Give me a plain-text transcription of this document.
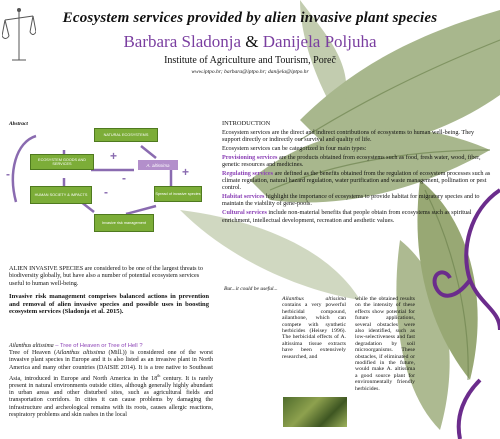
Ecosystem services provided by alien invasive plant species
Barbara Sladonja & Danijela Poljuha
Institute of Agriculture and Tourism, Poreč
www.iptpo.hr; barbara@iptpo.hr; danijela@iptpo.hr
NATURAL ECOSYSTEMS
ECOSYSTEM GOODS AND SERVICES	A. altissima
HUMAN SOCIETY & IMPACTS	Spread of invasive species
Invasive risk management
+
-	+
-
-
Abstract	INTRODUCTION

Ecosystem services are the direct and indirect contributions of ecosystems to human well-being. They support directly or indirectly our survival and quality of life.

Ecosystem services can be categorized in four main types:

Provisioning services are the products obtained from ecosystems such as food, fresh water, wood, fiber, genetic resources and medicines.

Regulating services are defined as the benefits obtained from the regulation of ecosystem processes such as climate regulation, natural hazard regulation, water purification and waste management, pollination or pest control.

Habitat services highlight the importance of ecosystems to provide habitat for migratory species and to maintain the viability of gene-pools.

Cultural services include non-material benefits that people obtain from ecosystems such as spiritual enrichment, intellectual development, recreation and aesthetic values.

ALIEN INVASIVE SPECIES are considered to be one of the largest threats to biodiversity globally, but have also a number of potential ecosystem services useful to human well-being.
Invasive risk management comprises balanced actions in prevention and removal of alien invasive species and possible uses in boosting ecosystem services (Sladonja et al. 2015).
Ailanthus altissima – Tree of Heaven or Tree of Hell ?
Tree of Heaven (Ailanthus altissima (Mill.)) is considered one of the worst invasive plant species in Europe and it is also listed as an invasive plant in North America and many other countries (DAISIE 2014). It is a tree native to Southeast Asia, introduced in Europe and North America in the 18th century. It is rarely present in natural environments outside cities, although generally highly abundant in urban areas and other disturbed sites, such as agricultural fields and transportation corridors. In cities it can cause problems by damaging the infrastructure and archeological remains with its roots, causes allergic reactions, respiratory problems and skin rashes in the local
But...it could be useful...
Ailanthus altissima contains a very powerful herbicidal compound, ailanthone, which can compete with synthetic herbicides (Heisey 1996). The herbicidal effects of A. altissima tissue extracts have been extensively researched, and
while the obtained results on the intensity of these effects show potential for future applications, several obstacles were also identified, such as low-selectiveness and fast degradation by soil microorganisms. These obstacles, if eliminated or modified in the future, would make A. altissima a good source plant for environmentally friendly herbicides.
